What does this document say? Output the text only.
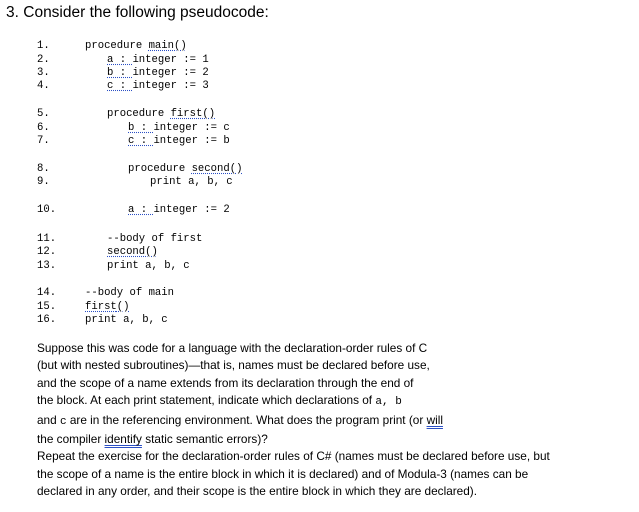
3. Consider the following pseudocode:
1.	procedure main()
2.	a : integer := 1
3.	b : integer := 2
4.	c : integer := 3
5.	procedure first()
6.	b : integer := c
7.	c : integer := b
8.	procedure second()
9.	print a, b, c
10.	a : integer := 2
11.	--body of first
12.	second()
13.	print a, b, c
14.	--body of main
15.	first()
16.	print a, b, c
Suppose this was code for a language with the declaration-order rules of C
(but with nested subroutines)—that is, names must be declared before use,
and the scope of a name extends from its declaration through the end of
the block. At each print statement, indicate which declarations of a, b
and c are in the referencing environment. What does the program print (or will
the compiler identify static semantic errors)?
Repeat the exercise for the declaration-order rules of C# (names must be declared before use, but
the scope of a name is the entire block in which it is declared) and of Modula-3 (names can be
declared in any order, and their scope is the entire block in which they are declared).
